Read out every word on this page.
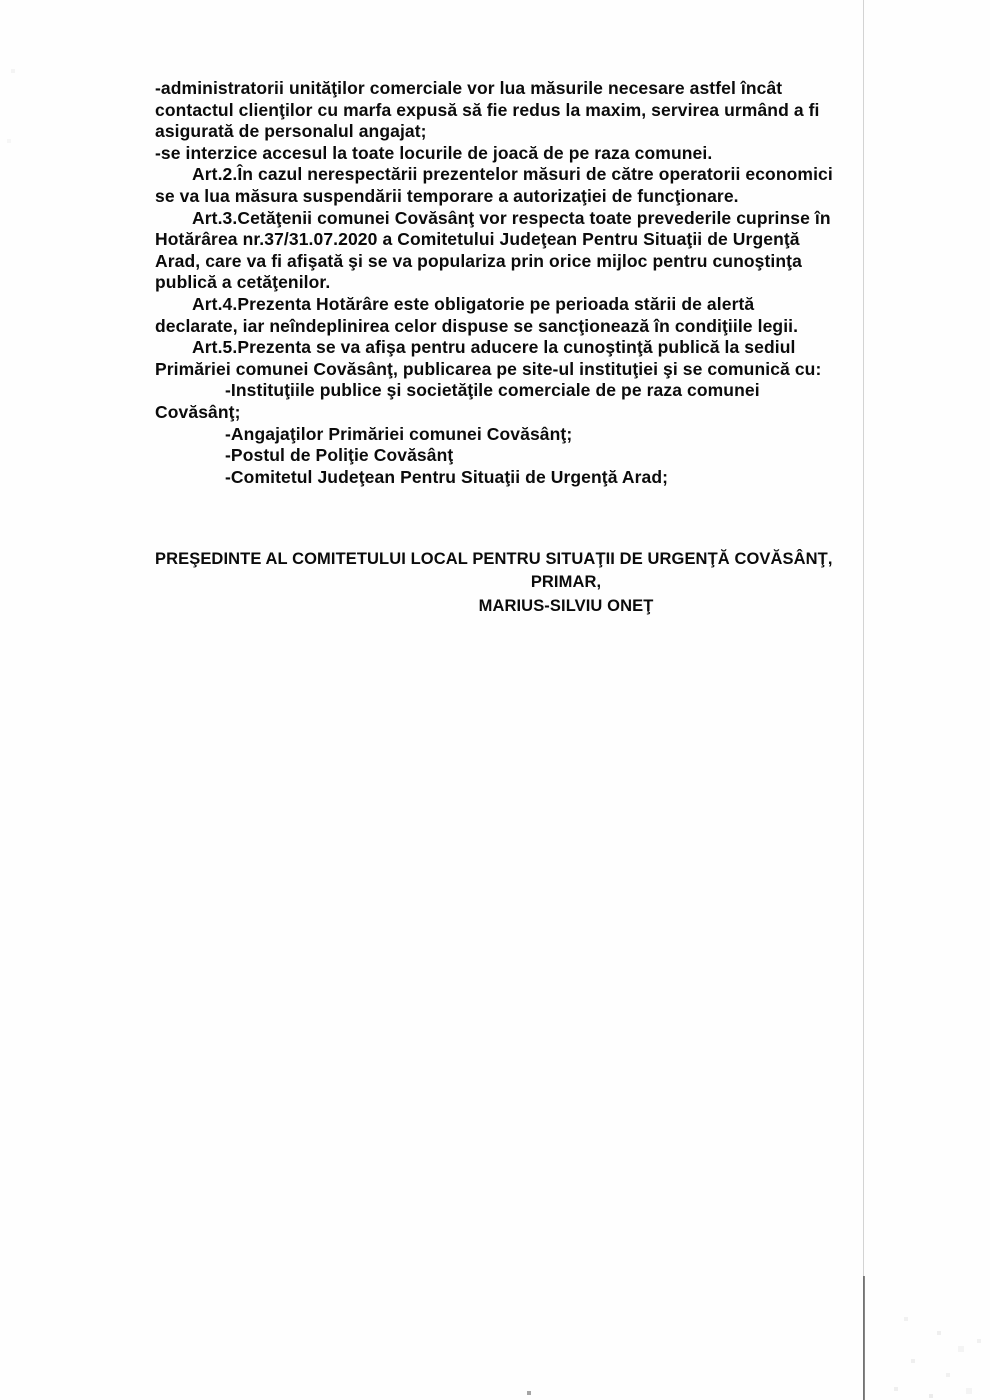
-administratorii unităţilor comerciale vor lua măsurile necesare astfel încât
contactul clienţilor cu marfa expusă să fie redus la maxim, servirea urmând a fi
asigurată de personalul angajat;
-se interzice accesul la toate locurile de joacă de pe raza comunei.
Art.2.În cazul nerespectării prezentelor măsuri de către operatorii economici
se va lua măsura suspendării temporare a autorizaţiei de funcţionare.
Art.3.Cetăţenii comunei Covăsânţ vor respecta toate prevederile cuprinse în
Hotărârea nr.37/31.07.2020 a Comitetului Judeţean Pentru Situaţii de Urgenţă
Arad, care va fi afişată şi se va populariza prin orice mijloc pentru cunoştinţa
publică a cetăţenilor.
Art.4.Prezenta Hotărâre este obligatorie pe perioada stării de alertă
declarate, iar neîndeplinirea celor dispuse se sancţionează în condiţiile legii.
Art.5.Prezenta se va afişa pentru aducere la cunoştinţă publică la sediul
Primăriei comunei Covăsânţ, publicarea pe site-ul instituţiei şi se comunică cu:
-Instituţiile publice şi societăţile comerciale de pe raza comunei
Covăsânţ;
-Angajaţilor Primăriei comunei Covăsânţ;
-Postul de Poliţie Covăsânţ
-Comitetul Judeţean Pentru Situaţii de Urgenţă Arad;
PREŞEDINTE AL COMITETULUI LOCAL PENTRU SITUAŢII DE URGENŢĂ COVĂSÂNŢ,
PRIMAR,
MARIUS-SILVIU ONEŢ
